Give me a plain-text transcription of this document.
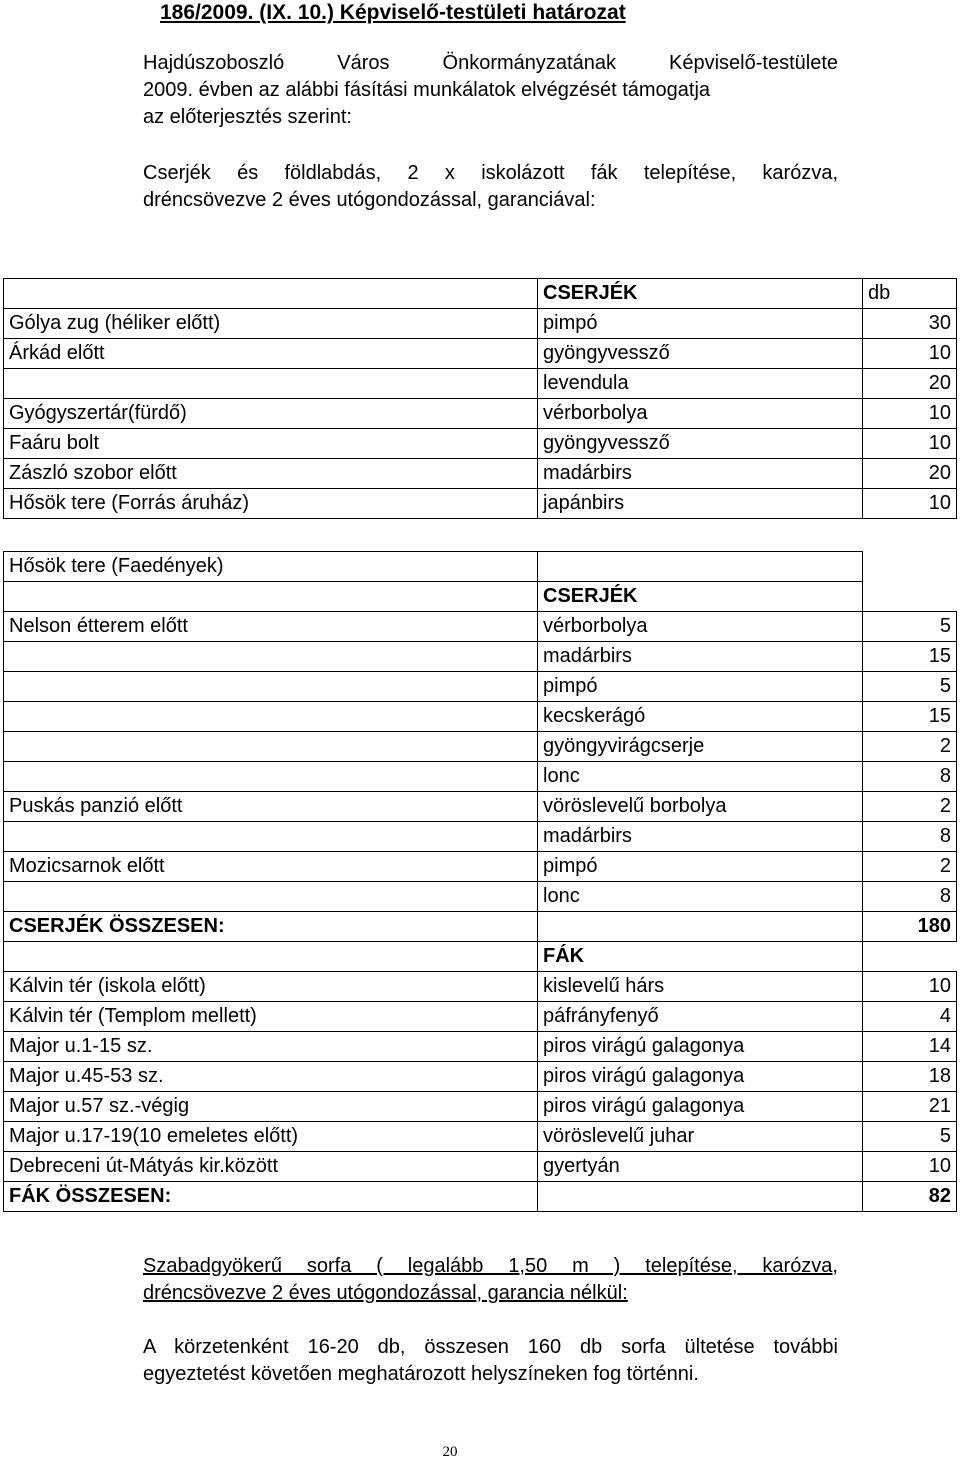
186/2009. (IX. 10.) Képviselő-testületi határozat
Hajdúszoboszló Város Önkormányzatának Képviselő-testülete
2009. évben az alábbi fásítási munkálatok elvégzését támogatja
az előterjesztés szerint:
Cserjék és földlabdás, 2 x iskolázott fák telepítése, karózva,
dréncsövezve 2 éves utógondozással, garanciával:
	CSERJÉK	db
Gólya zug (héliker előtt)	pimpó	30
Árkád előtt	gyöngyvessző	10
	levendula	20
Gyógyszertár(fürdő)	vérborbolya	10
Faáru bolt	gyöngyvessző	10
Zászló szobor előtt	madárbirs	20
Hősök tere (Forrás áruház)	japánbirs	10
Hősök tere (Faedények)		
	CSERJÉK	
Nelson étterem előtt	vérborbolya	5
	madárbirs	15
	pimpó	5
	kecskerágó	15
	gyöngyvirágcserje	2
	lonc	8
Puskás panzió előtt	vöröslevelű borbolya	2
	madárbirs	8
Mozicsarnok előtt	pimpó	2
	lonc	8
CSERJÉK ÖSSZESEN:		180
	FÁK	
Kálvin tér (iskola előtt)	kislevelű hárs	10
Kálvin tér (Templom mellett)	páfrányfenyő	4
Major u.1-15 sz.	piros virágú galagonya	14
Major u.45-53 sz.	piros virágú galagonya	18
Major u.57 sz.-végig	piros virágú galagonya	21
Major u.17-19(10 emeletes előtt)	vöröslevelű juhar	5
Debreceni út-Mátyás kir.között	gyertyán	10
FÁK ÖSSZESEN:		82
Szabadgyökerű sorfa ( legalább 1,50 m ) telepítése, karózva,
dréncsövezve 2 éves utógondozással, garancia nélkül:
A körzetenként 16-20 db, összesen 160 db sorfa ültetése további
egyeztetést követően meghatározott helyszíneken fog történni.
20
